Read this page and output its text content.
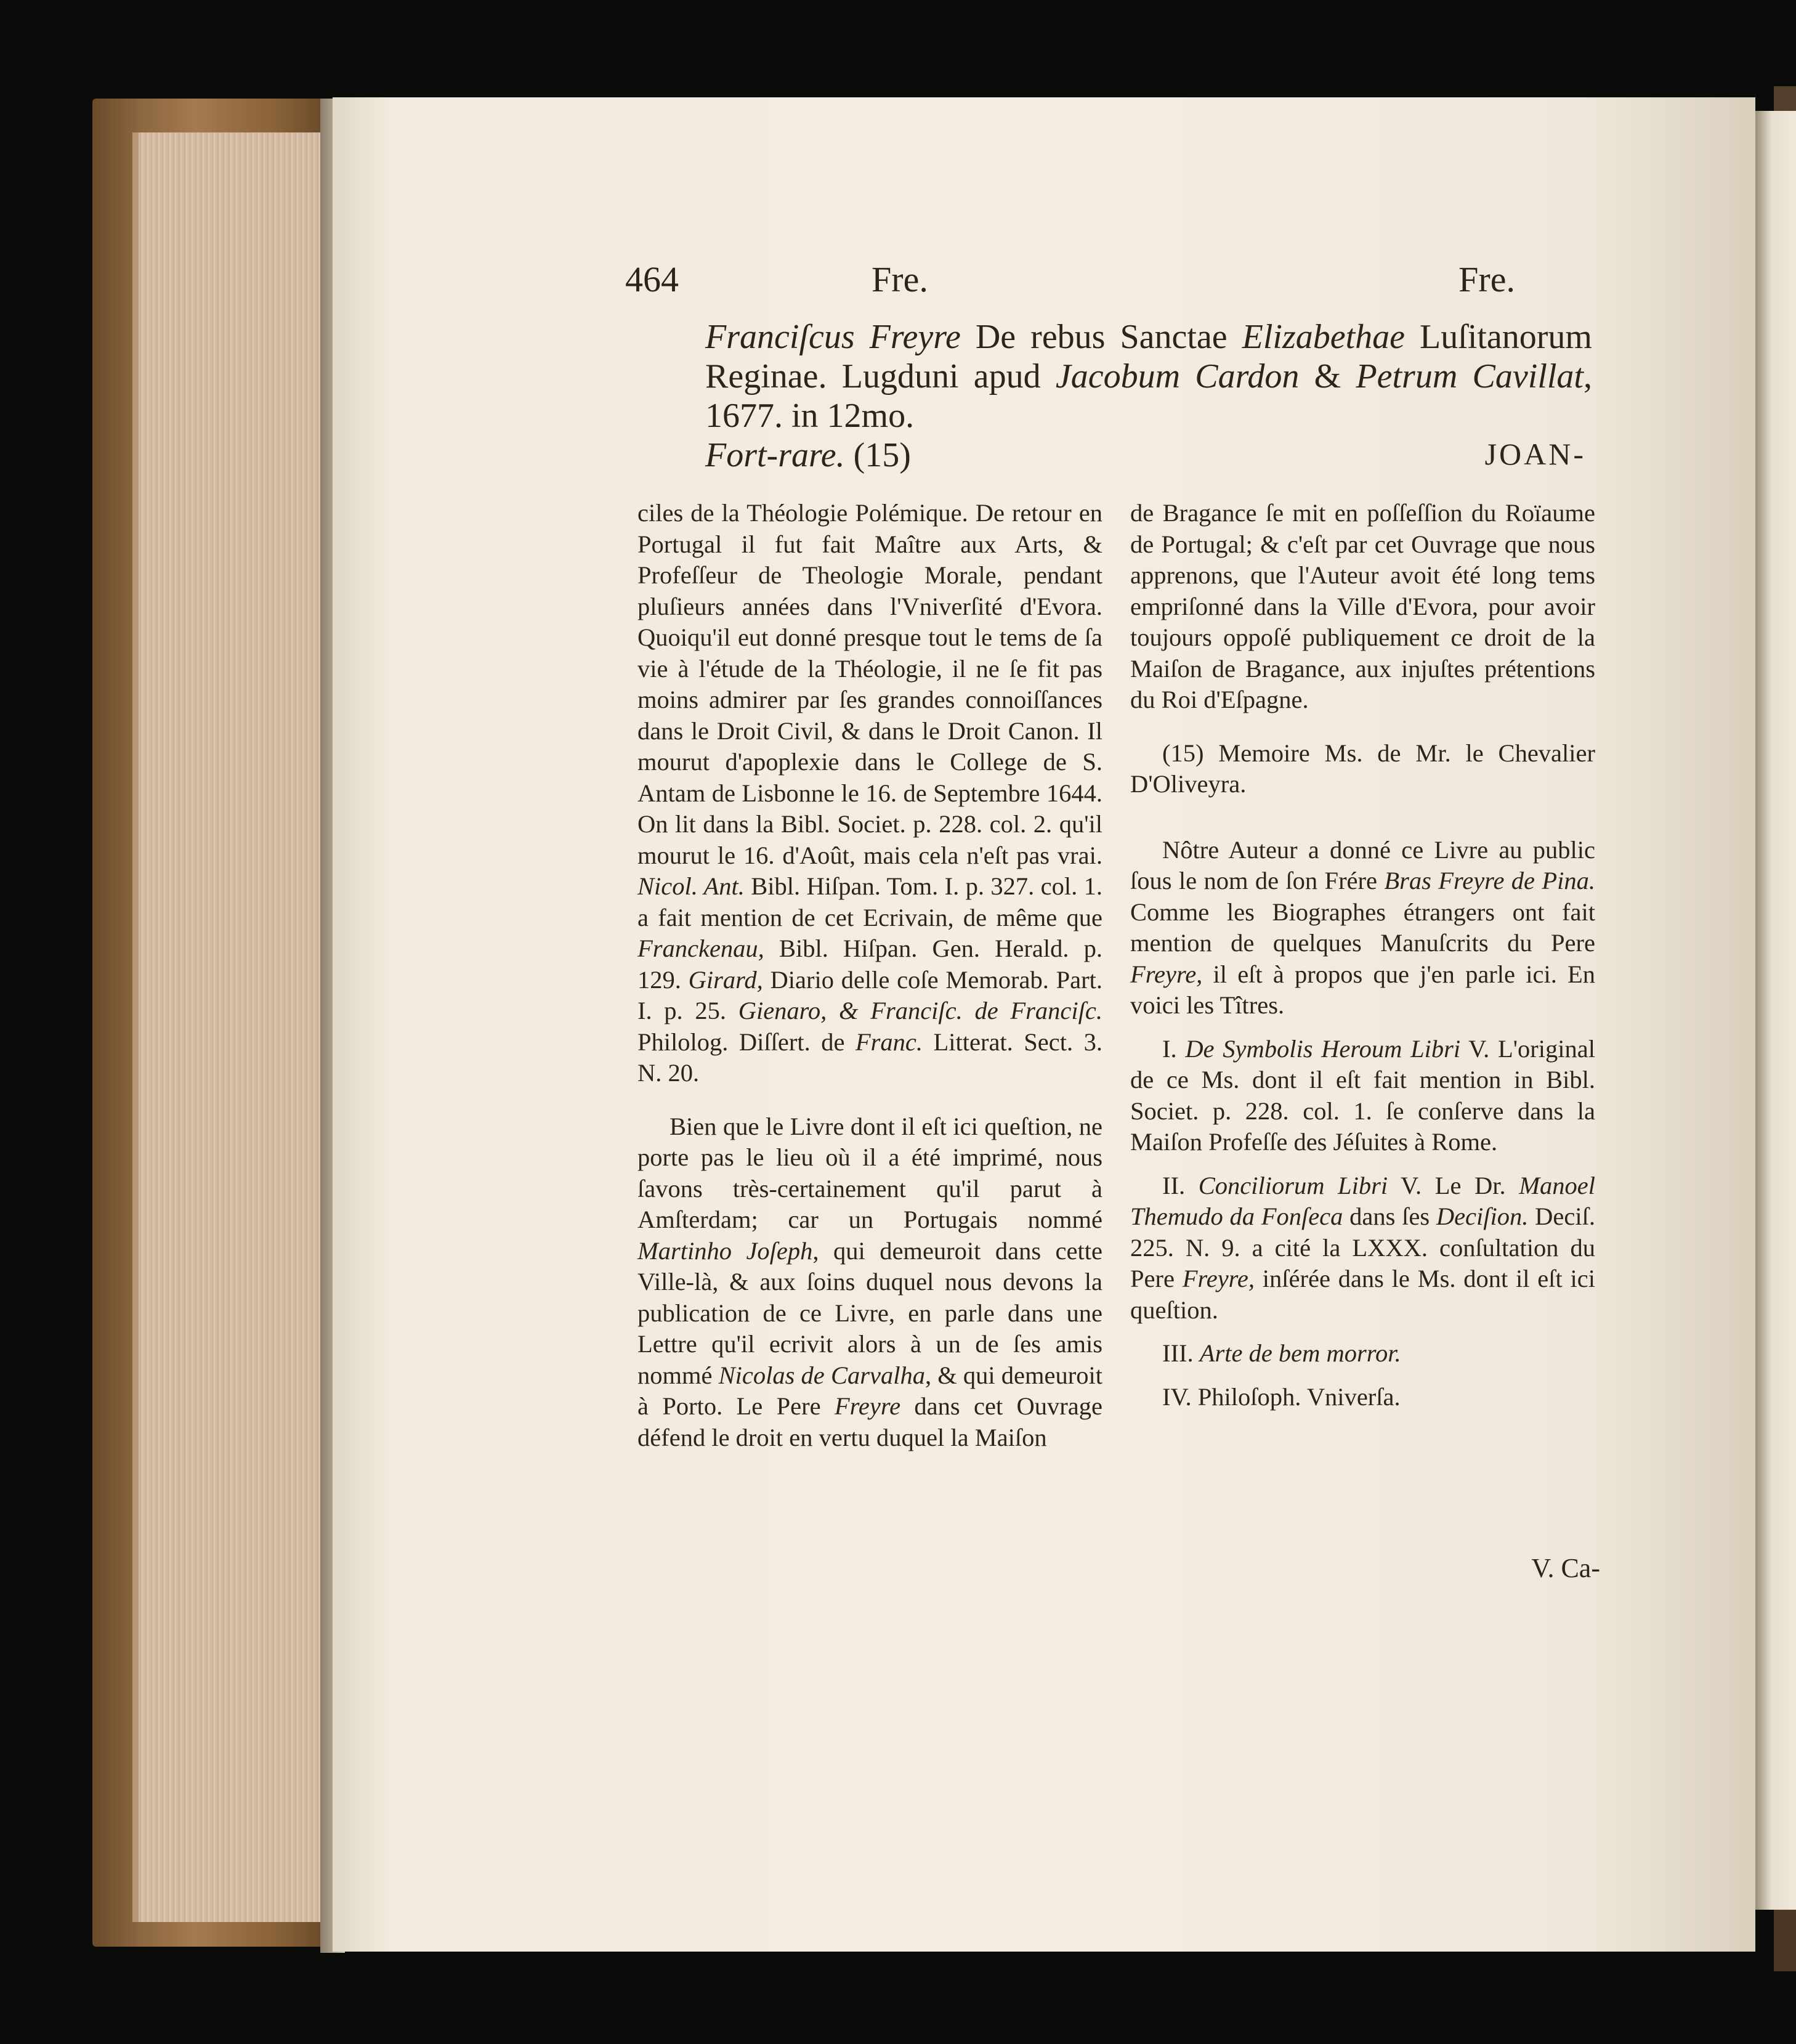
464	Fre.	Fre.
Franciſcus Freyre De rebus Sanctae Elizabethae Luſitanorum Reginae. Lugduni apud Jacobum Cardon & Petrum Cavillat, 1677. in 12mo.
Fort-rare. (15)	JOAN-

ciles de la Théologie Polémique. De retour en Portugal il fut fait Maître aux Arts, & Profeſſeur de Theologie Morale, pendant pluſieurs années dans l'Vniverſité d'Evora. Quoiqu'il eut donné presque tout le tems de ſa vie à l'étude de la Théologie, il ne ſe fit pas moins admirer par ſes grandes connoiſſances dans le Droit Civil, & dans le Droit Canon. Il mourut d'apoplexie dans le College de S. Antam de Lisbonne le 16. de Septembre 1644. On lit dans la Bibl. Societ. p. 228. col. 2. qu'il mourut le 16. d'Août, mais cela n'eſt pas vrai. Nicol. Ant. Bibl. Hiſpan. Tom. I. p. 327. col. 1. a fait mention de cet Ecrivain, de même que Franckenau, Bibl. Hiſpan. Gen. Herald. p. 129. Girard, Diario delle coſe Memorab. Part. I. p. 25. Gienaro, & Franciſc. de Franciſc. Philolog. Diſſert. de Franc. Litterat. Sect. 3. N. 20.

Bien que le Livre dont il eſt ici queſtion, ne porte pas le lieu où il a été imprimé, nous ſavons très-certainement qu'il parut à Amſterdam; car un Portugais nommé Martinho Joſeph, qui demeuroit dans cette Ville-là, & aux ſoins duquel nous devons la publication de ce Livre, en parle dans une Lettre qu'il ecrivit alors à un de ſes amis nommé Nicolas de Carvalha, & qui demeuroit à Porto. Le Pere Freyre dans cet Ouvrage défend le droit en vertu duquel la Maiſon

de Bragance ſe mit en poſſeſſion du Roïaume de Portugal; & c'eſt par cet Ouvrage que nous apprenons, que l'Auteur avoit été long tems empriſonné dans la Ville d'Evora, pour avoir toujours oppoſé publiquement ce droit de la Maiſon de Bragance, aux injuſtes prétentions du Roi d'Eſpagne.

(15) Memoire Ms. de Mr. le Chevalier D'Oliveyra.

Nôtre Auteur a donné ce Livre au public ſous le nom de ſon Frére Bras Freyre de Pina. Comme les Biographes étrangers ont fait mention de quelques Manuſcrits du Pere Freyre, il eſt à propos que j'en parle ici. En voici les Tîtres.

I. De Symbolis Heroum Libri V. L'original de ce Ms. dont il eſt fait mention in Bibl. Societ. p. 228. col. 1. ſe conſerve dans la Maiſon Profeſſe des Jéſuites à Rome.

II. Conciliorum Libri V. Le Dr. Manoel Themudo da Fonſeca dans ſes Deciſion. Deciſ. 225. N. 9. a cité la LXXX. conſultation du Pere Freyre, inſérée dans le Ms. dont il eſt ici queſtion.

III. Arte de bem morror.

IV. Philoſoph. Vniverſa.

V. Ca-
